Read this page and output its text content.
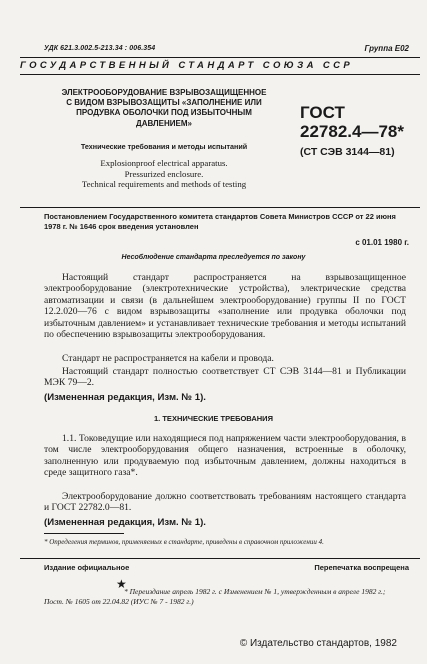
УДК 621.3.002.5-213.34 : 006.354	Группа Е02
ГОСУДАРСТВЕННЫЙ СТАНДАРТ СОЮЗА ССР
ЭЛЕКТРООБОРУДОВАНИЕ ВЗРЫВОЗАЩИЩЕННОЕ
С ВИДОМ ВЗРЫВОЗАЩИТЫ «ЗАПОЛНЕНИЕ ИЛИ
ПРОДУВКА ОБОЛОЧКИ ПОД ИЗБЫТОЧНЫМ
ДАВЛЕНИЕМ»
Технические требования и методы испытаний
Explosionproof electrical apparatus.
Pressurized enclosure.
Technical requirements and methods of testing
ГОСТ
22782.4—78*
(СТ СЭВ 3144—81)
Постановлением Государственного комитета стандартов Совета Министров СССР от 22 июня 1978 г. № 1646 срок введения установлен
с 01.01 1980 г.
Несоблюдение стандарта преследуется по закону
Настоящий стандарт распространяется на взрывозащищенное электрооборудование (электротехнические устройства), электрические средства автоматизации и связи (в дальнейшем электрооборудование) группы II по ГОСТ 12.2.020—76 с видом взрывозащиты «заполнение или продувка оболочки под избыточным давлением» и устанавливает технические требования и методы испытаний по обеспечению взрывозащиты электрооборудования.
Стандарт не распространяется на кабели и провода.
Настоящий стандарт полностью соответствует СТ СЭВ 3144—81 и Публикации МЭК 79—2.
(Измененная редакция, Изм. № 1).
1. ТЕХНИЧЕСКИЕ ТРЕБОВАНИЯ
1.1. Токоведущие или находящиеся под напряжением части электрооборудования, в том числе электрооборудования общего назначения, встроенные в оболочку, заполненную или продуваемую под избыточным давлением, должны находиться в среде защитного газа*.
Электрооборудование должно соответствовать требованиям настоящего стандарта и ГОСТ 22782.0—81.
(Измененная редакция, Изм. № 1).
* Определения терминов, применяемых в стандарте, приведены в справочном приложении 4.
Издание официальное	Перепечатка воспрещена
★
* Переиздание апрель 1982 г. с Изменением № 1, утвержденным в апреле 1982 г.; Пост. № 1605 от 22.04.82 (ИУС № 7 - 1982 г.)
© Издательство стандартов, 1982
